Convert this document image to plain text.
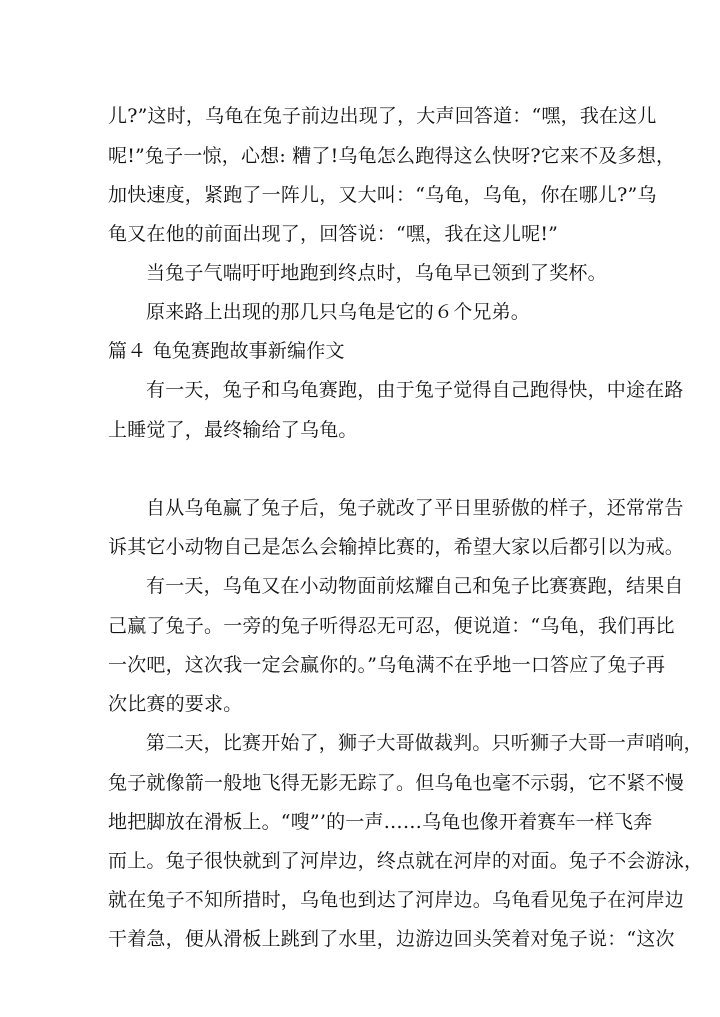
儿?”这时，乌龟在兔子前边出现了，大声回答道：“嘿，我在这儿
呢!”兔子一惊，心想: 糟了!乌龟怎么跑得这么快呀?它来不及多想，
加快速度，紧跑了一阵儿，又大叫：“乌龟，乌龟，你在哪儿?”乌
龟又在他的前面出现了，回答说：“嘿，我在这儿呢!”
当兔子气喘吁吁地跑到终点时，乌龟早已领到了奖杯。
原来路上出现的那几只乌龟是它的６个兄弟。
篇４ 龟兔赛跑故事新编作文
有一天，兔子和乌龟赛跑，由于兔子觉得自己跑得快，中途在路
上睡觉了，最终输给了乌龟。
自从乌龟赢了兔子后，兔子就改了平日里骄傲的样子，还常常告
诉其它小动物自己是怎么会输掉比赛的，希望大家以后都引以为戒。
有一天，乌龟又在小动物面前炫耀自己和兔子比赛赛跑，结果自
己赢了兔子。一旁的兔子听得忍无可忍，便说道：“乌龟，我们再比
一次吧，这次我一定会赢你的。”乌龟满不在乎地一口答应了兔子再
次比赛的要求。
第二天，比赛开始了，狮子大哥做裁判。只听狮子大哥一声哨响，
兔子就像箭一般地飞得无影无踪了。但乌龟也毫不示弱，它不紧不慢
地把脚放在滑板上。“嗖”’的一声……乌龟也像开着赛车一样飞奔
而上。兔子很快就到了河岸边，终点就在河岸的对面。兔子不会游泳，
就在兔子不知所措时，乌龟也到达了河岸边。乌龟看见兔子在河岸边
干着急，便从滑板上跳到了水里，边游边回头笑着对兔子说：“这次
